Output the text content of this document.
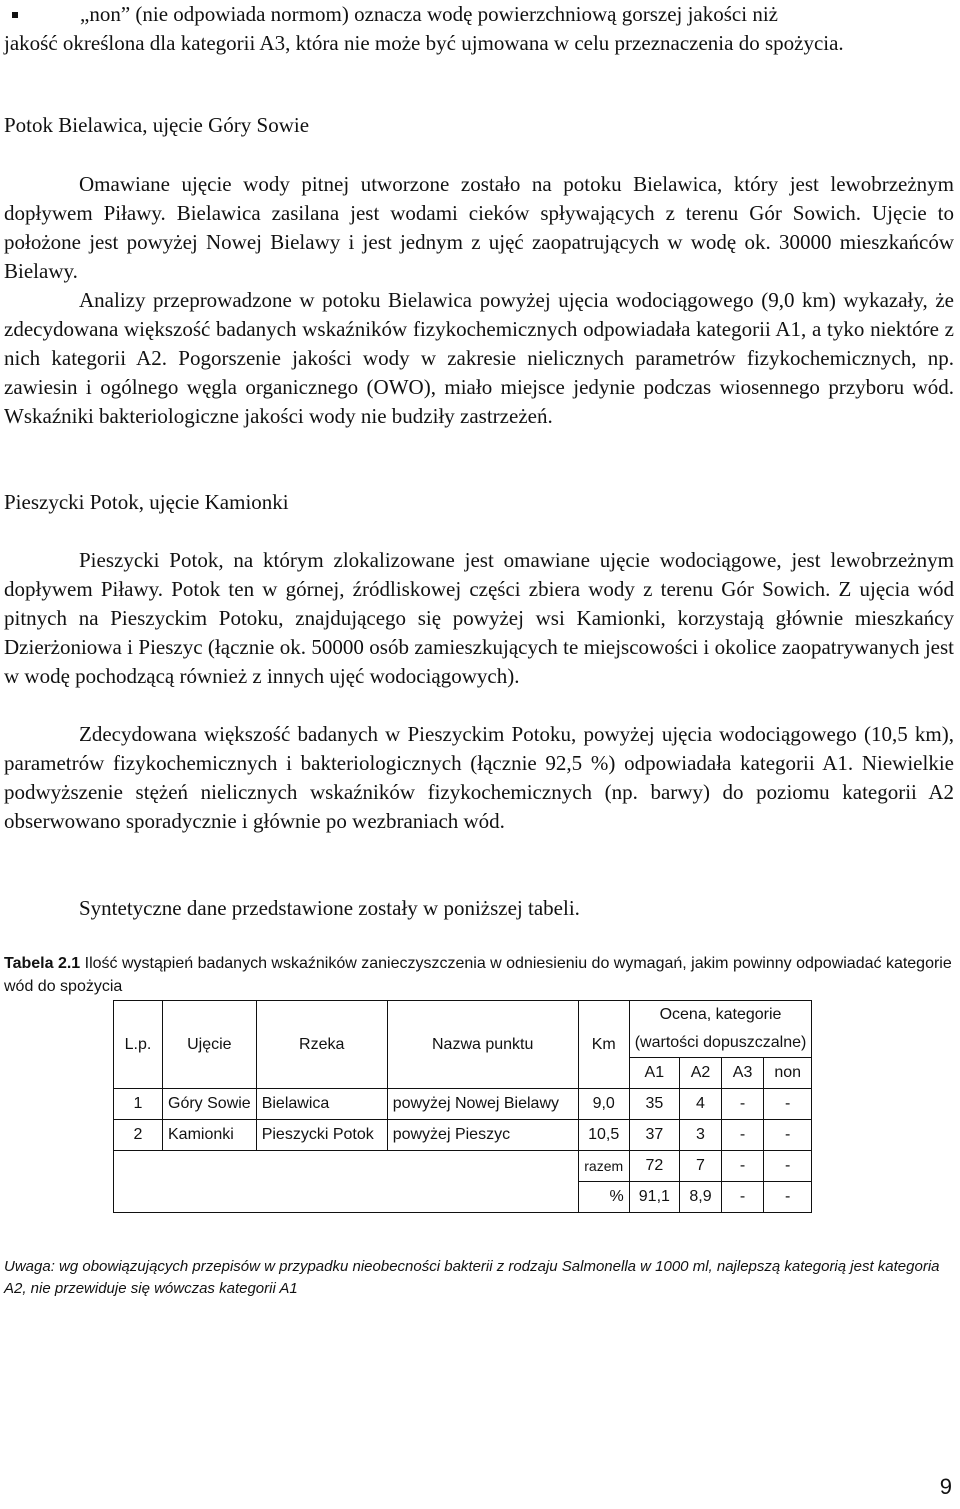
„non” (nie odpowiada normom) oznacza wodę powierzchniową gorszej jakości niż
jakość określona dla kategorii A3, która nie może być ujmowana w celu przeznaczenia do spożycia.
Potok Bielawica, ujęcie Góry Sowie

Omawiane ujęcie wody pitnej utworzone zostało na potoku Bielawica, który jest lewobrzeżnym dopływem Piławy. Bielawica zasilana jest wodami cieków spływających z terenu Gór Sowich. Ujęcie to położone jest powyżej Nowej Bielawy i jest jednym z ujęć zaopatrujących w wodę ok. 30000 mieszkańców Bielawy.

Analizy przeprowadzone w potoku Bielawica powyżej ujęcia wodociągowego (9,0 km) wykazały, że zdecydowana większość badanych wskaźników fizykochemicznych odpowiadała kategorii A1, a tyko niektóre z nich kategorii A2. Pogorszenie jakości wody w zakresie nielicznych parametrów fizykochemicznych, np. zawiesin i ogólnego węgla organicznego (OWO), miało miejsce jedynie podczas wiosennego przyboru wód. Wskaźniki bakteriologiczne jakości wody nie budziły zastrzeżeń.

Pieszycki Potok, ujęcie Kamionki

Pieszycki Potok, na którym zlokalizowane jest omawiane ujęcie wodociągowe, jest lewobrzeżnym dopływem Piławy. Potok ten w górnej, źródliskowej części zbiera wody z terenu Gór Sowich. Z ujęcia wód pitnych na Pieszyckim Potoku, znajdującego się powyżej wsi Kamionki, korzystają głównie mieszkańcy Dzierżoniowa i Pieszyc (łącznie ok. 50000 osób zamieszkujących te miejscowości i okolice zaopatrywanych jest w wodę pochodzącą również z innych ujęć wodociągowych).

Zdecydowana większość badanych w Pieszyckim Potoku, powyżej ujęcia wodociągowego (10,5 km), parametrów fizykochemicznych i bakteriologicznych (łącznie 92,5 %) odpowiadała kategorii A1. Niewielkie podwyższenie stężeń nielicznych wskaźników fizykochemicznych (np. barwy) do poziomu kategorii A2 obserwowano sporadycznie i głównie po wezbraniach wód.

Syntetyczne dane przedstawione zostały w poniższej tabeli.

Tabela 2.1 Ilość wystąpień badanych wskaźników zanieczyszczenia w odniesieniu do wymagań, jakim powinny odpowiadać kategorie wód do spożycia
L.p.	Ujęcie	Rzeka	Nazwa punktu	Km	Ocena, kategorie
(wartości dopuszczalne)			

					A1	A2	A3	non
1	Góry Sowie	Bielawica	powyżej Nowej Bielawy	9,0	35	4	-	-
2	Kamionki	Pieszycki Potok	powyżej Pieszyc	10,5	37	3	-	-
				razem	72	7	-	-
				%	91,1	8,9	-	-
Uwaga: wg obowiązujących przepisów w przypadku nieobecności bakterii z rodzaju Salmonella w 1000 ml, najlepszą kategorią jest kategoria A2, nie przewiduje się wówczas kategorii A1
9
